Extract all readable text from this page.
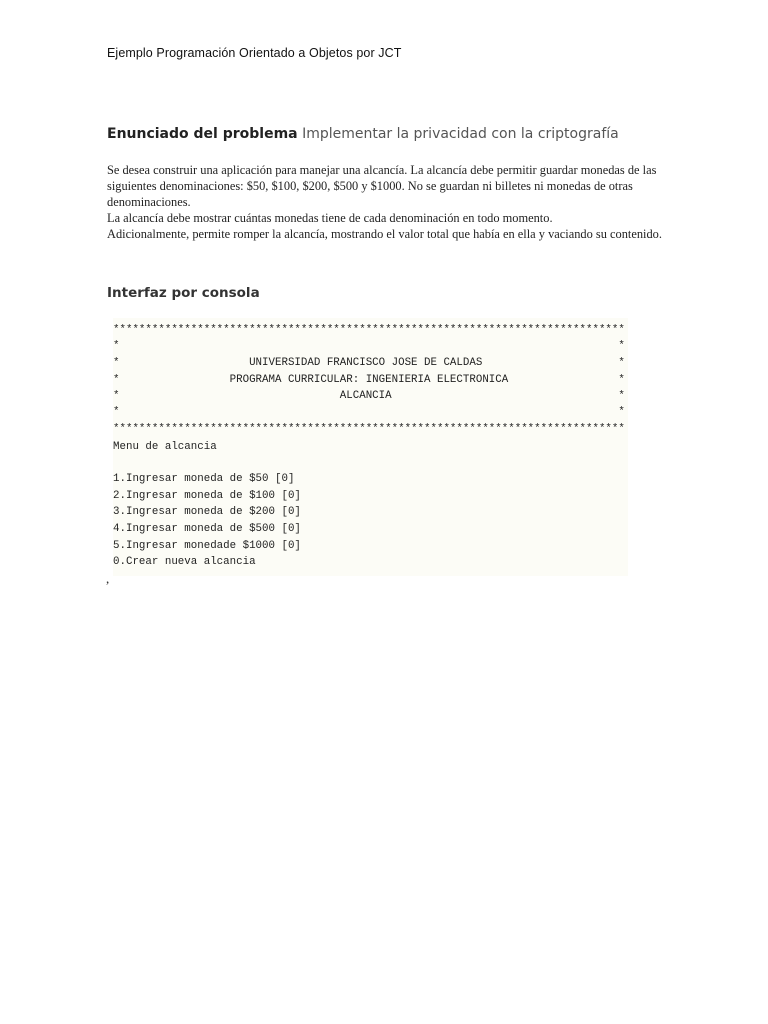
Ejemplo Programación Orientado a Objetos por JCT
Enunciado del problema Implementar la privacidad con la criptografía

Se desea construir una aplicación para manejar una alcancía. La alcancía debe permitir guardar monedas de las siguientes denominaciones: $50, $100, $200, $500 y $1000. No se guardan ni billetes ni monedas de otras denominaciones.

La alcancía debe mostrar cuántas monedas tiene de cada denominación en todo momento.

Adicionalmente, permite romper la alcancía, mostrando el valor total que había en ella y vaciando su contenido.

Interfaz por consola
*******************************************************************************
*                                                                             *
*                    UNIVERSIDAD FRANCISCO JOSE DE CALDAS                     *
*                 PROGRAMA CURRICULAR: INGENIERIA ELECTRONICA                 *
*                                  ALCANCIA                                   *
*                                                                             *
*******************************************************************************
Menu de alcancia
1.Ingresar moneda de $50 [0]
2.Ingresar moneda de $100 [0]
3.Ingresar moneda de $200 [0]
4.Ingresar moneda de $500 [0]
5.Ingresar monedade $1000 [0]
0.Crear nueva alcancia
,
